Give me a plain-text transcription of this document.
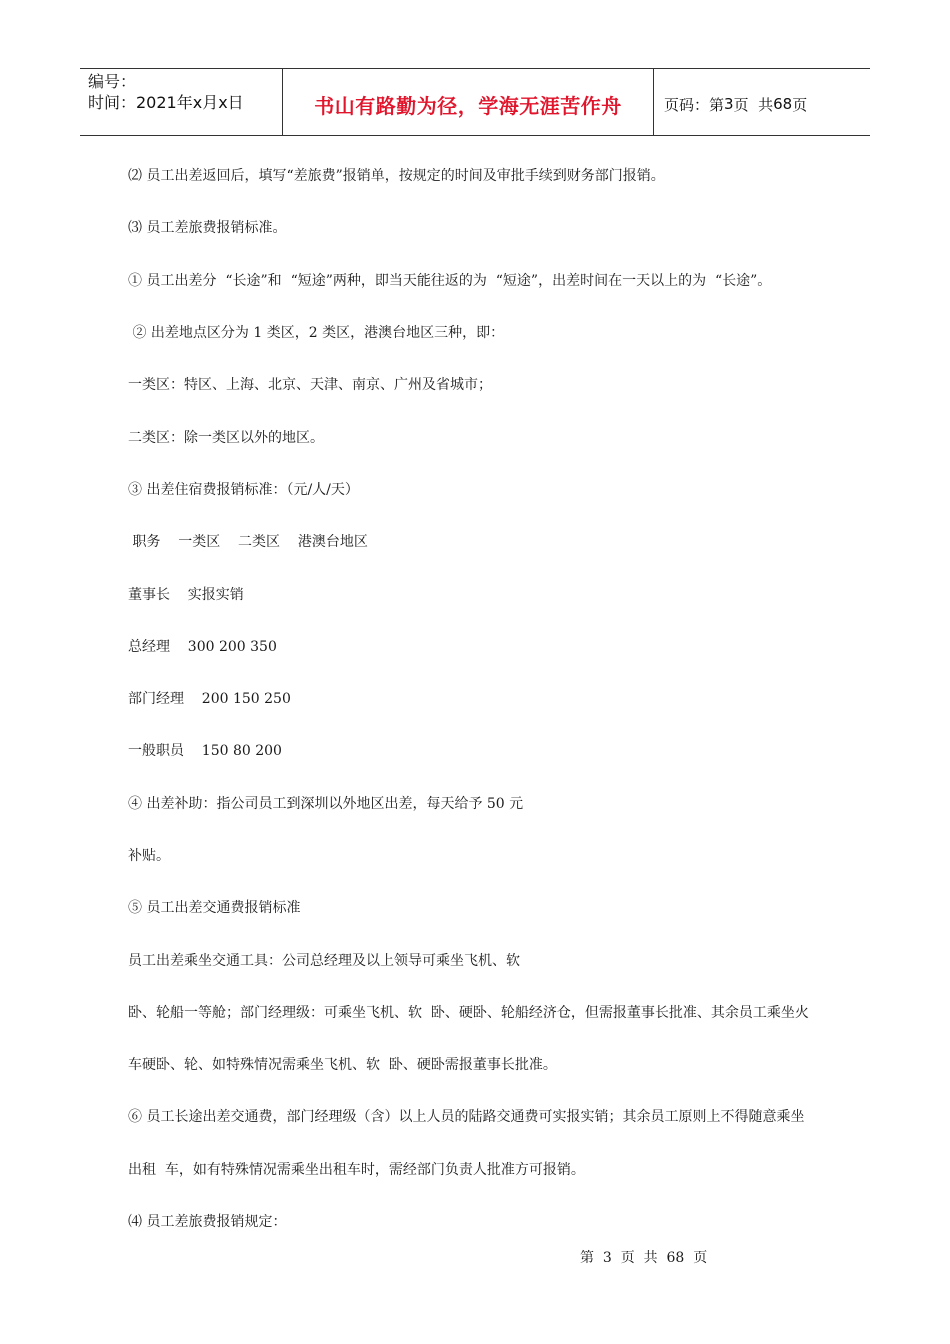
编号：
时间：2021年x月x日	书山有路勤为径，学海无涯苦作舟	页码：第 3 页  共 68 页
⑵ 员工出差返回后，填写“差旅费”报销单，按规定的时间及审批手续到财务部门报销。
⑶ 员工差旅费报销标准。
① 员工出差分  “长途”和  “短途”两种，即当天能往返的为  “短途”，出差时间在一天以上的为  “长途”。
② 出差地点区分为 1 类区，2 类区，港澳台地区三种，即：
一类区：特区、上海、北京、天津、南京、广州及省城市；
二类区：除一类区以外的地区。
③ 出差住宿费报销标准：（元/人/天）
职务    一类区    二类区    港澳台地区
董事长    实报实销
总经理    300 200 350
部门经理    200 150 250
一般职员    150 80 200
④ 出差补助：指公司员工到深圳以外地区出差，每天给予 50 元
补贴。
⑤ 员工出差交通费报销标准
员工出差乘坐交通工具：公司总经理及以上领导可乘坐飞机、软
卧、轮船一等舱；部门经理级：可乘坐飞机、软  卧、硬卧、轮船经济仓，但需报董事长批准、其余员工乘坐火
车硬卧、轮、如特殊情况需乘坐飞机、软  卧、硬卧需报董事长批准。
⑥ 员工长途出差交通费，部门经理级（含）以上人员的陆路交通费可实报实销；其余员工原则上不得随意乘坐
出租  车，如有特殊情况需乘坐出租车时，需经部门负责人批准方可报销。
⑷ 员工差旅费报销规定：
第  3  页  共  68  页
